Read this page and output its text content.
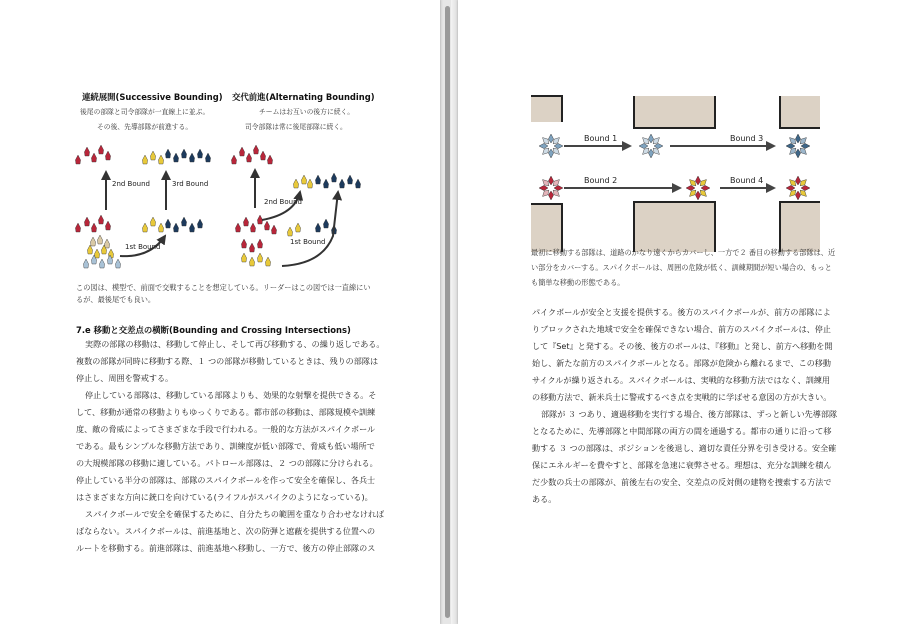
連続展開(Successive Bounding)
後尾の部隊と司令部隊が一直線上に並ぶ。
その後、先導部隊が前進する。
交代前進(Alternating Bounding)
チームはお互いの後方に続く。
司令部隊は常に後尾部隊に続く。
2nd Bound	3rd Bound
1st Bound
2nd Bound
1st Bound
この図は、模型で、前面で交戦することを想定している。リーダーはこの図では一直線にい
るが、最後尾でも良い。
7.e 移動と交差点の横断(Bounding and Crossing Intersections)
実際の部隊の移動は、移動して停止し、そして再び移動する、の繰り返しである。
複数の部隊が同時に移動する際、１ つの部隊が移動しているときは、残りの部隊は
停止し、周囲を警戒する。
停止している部隊は、移動している部隊よりも、効果的な射撃を提供できる。そ
して、移動が通常の移動よりもゆっくりである。都市部の移動は、部隊規模や訓練
度、敵の脅威によってさまざまな手段で行われる。一般的な方法がスパイクボール
である。最もシンプルな移動方法であり、訓練度が低い部隊で、脅威も低い場所で
の大規模部隊の移動に適している。パトロール部隊は、２ つの部隊に分けられる。
停止している半分の部隊は、部隊のスパイクボールを作って安全を確保し、各兵士
はさまざまな方向に銃口を向けている(ライフルがスパイクのようになっている)。
スパイクボールで安全を確保するために、自分たちの範囲を重なり合わせなければ
ばならない。スパイクボールは、前進基地と、次の防弾と遮蔽を提供する位置への
ルートを移動する。前進部隊は、前進基地へ移動し、一方で、後方の停止部隊のス
Bound 1	Bound 3
Bound 2	Bound 4
最初に移動する部隊は、道路のかなり遠くからカバーし、一方で２ 番目の移動する部隊は、近
い部分をカバーする。スパイクボールは、周囲の危険が低く、訓練期間が短い場合の、もっと
も簡単な移動の形態である。
パイクボールが安全と支援を提供する。後方のスパイクボールが、前方の部隊によ
りブロックされた地域で安全を確保できない場合、前方のスパイクボールは、停止
して『Set』と発する。その後、後方のボールは、『移動』と発し、前方へ移動を開
始し、新たな前方のスパイクボールとなる。部隊が危険から離れるまで、この移動
サイクルが繰り返される。スパイクボールは、実戦的な移動方法ではなく、訓練用
の移動方法で、新米兵士に警戒するべき点を実戦的に学ばせる意図の方が大きい。
部隊が ３ つあり、適過移動を実行する場合、後方部隊は、ずっと新しい先導部隊
となるために、先導部隊と中間部隊の両方の間を通過する。都市の通りに沿って移
動する ３ つの部隊は、ポジションを後退し、適切な責任分界を引き受ける。安全確
保にエネルギーを費やすと、部隊を急速に衰弊させる。理想は、充分な訓練を積ん
だ少数の兵士の部隊が、前後左右の安全、交差点の反対側の建物を捜索する方法で
ある。
